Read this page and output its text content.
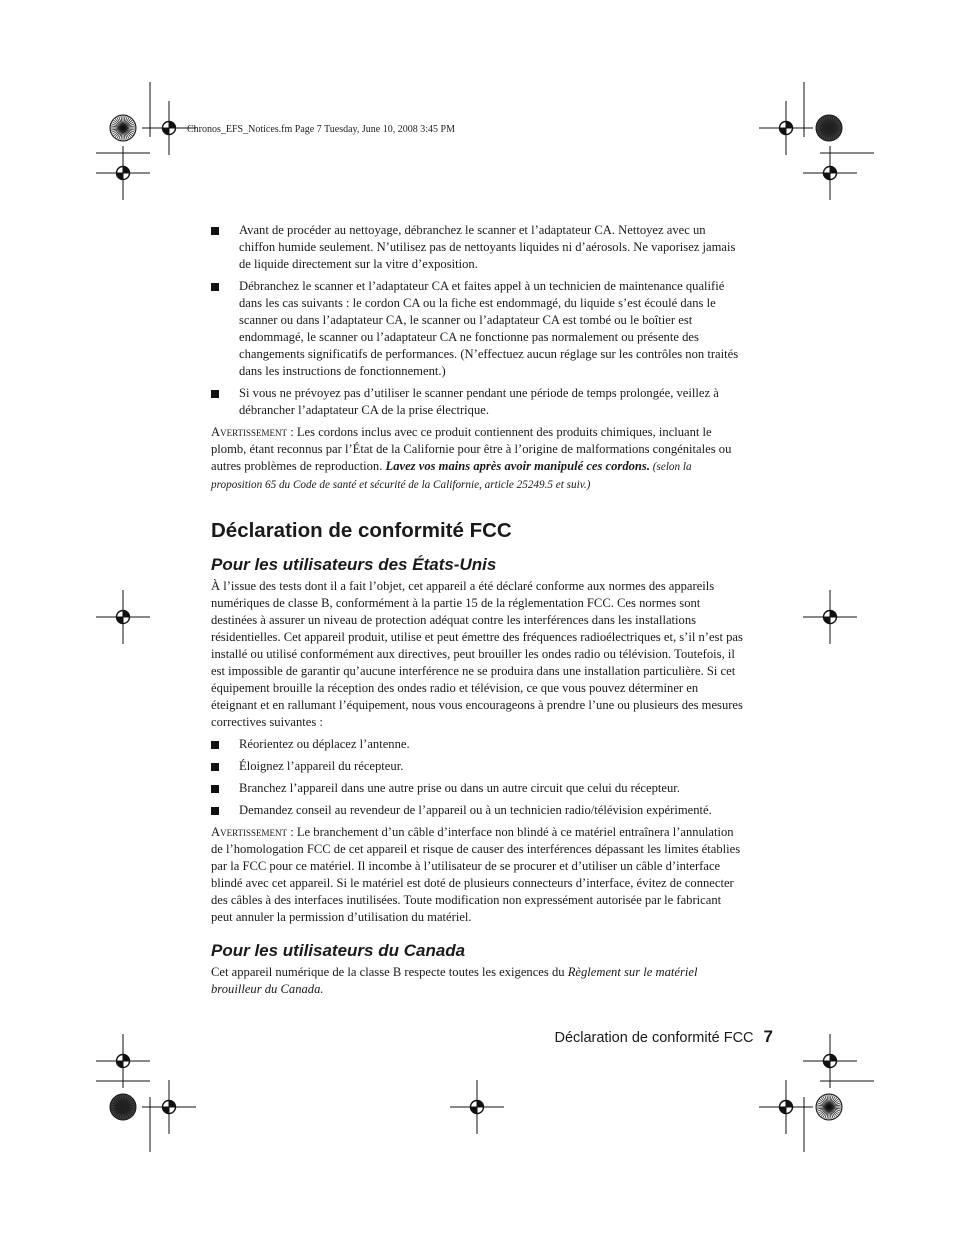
Chronos_EFS_Notices.fm Page 7 Tuesday, June 10, 2008 3:45 PM
Avant de procéder au nettoyage, débranchez le scanner et l’adaptateur CA. Nettoyez avec un chiffon humide seulement. N’utilisez pas de nettoyants liquides ni d’aérosols. Ne vaporisez jamais de liquide directement sur la vitre d’exposition.
Débranchez le scanner et l’adaptateur CA et faites appel à un technicien de maintenance qualifié dans les cas suivants : le cordon CA ou la fiche est endommagé, du liquide s’est écoulé dans le scanner ou dans l’adaptateur CA, le scanner ou l’adaptateur CA est tombé ou le boîtier est endommagé, le scanner ou l’adaptateur CA ne fonctionne pas normalement ou présente des changements significatifs de performances. (N’effectuez aucun réglage sur les contrôles non traités dans les instructions de fonctionnement.)
Si vous ne prévoyez pas d’utiliser le scanner pendant une période de temps prolongée, veillez à débrancher l’adaptateur CA de la prise électrique.

Avertissement : Les cordons inclus avec ce produit contiennent des produits chimiques, incluant le plomb, étant reconnus par l’État de la Californie pour être à l’origine de malformations congénitales ou autres problèmes de reproduction. Lavez vos mains après avoir manipulé ces cordons. (selon la proposition 65 du Code de santé et sécurité de la Californie, article 25249.5 et suiv.)

Déclaration de conformité FCC
Pour les utilisateurs des États-Unis

À l’issue des tests dont il a fait l’objet, cet appareil a été déclaré conforme aux normes des appareils numériques de classe B, conformément à la partie 15 de la réglementation FCC. Ces normes sont destinées à assurer un niveau de protection adéquat contre les interférences dans les installations résidentielles. Cet appareil produit, utilise et peut émettre des fréquences radioélectriques et, s’il n’est pas installé ou utilisé conformément aux directives, peut brouiller les ondes radio ou télévision. Toutefois, il est impossible de garantir qu’aucune interférence ne se produira dans une installation particulière. Si cet équipement brouille la réception des ondes radio et télévision, ce que vous pouvez déterminer en éteignant et en rallumant l’équipement, nous vous encourageons à prendre l’une ou plusieurs des mesures correctives suivantes :

Réorientez ou déplacez l’antenne.
Éloignez l’appareil du récepteur.
Branchez l’appareil dans une autre prise ou dans un autre circuit que celui du récepteur.
Demandez conseil au revendeur de l’appareil ou à un technicien radio/télévision expérimenté.

Avertissement : Le branchement d’un câble d’interface non blindé à ce matériel entraînera l’annulation de l’homologation FCC de cet appareil et risque de causer des interférences dépassant les limites établies par la FCC pour ce matériel. Il incombe à l’utilisateur de se procurer et d’utiliser un câble d’interface blindé avec cet appareil. Si le matériel est doté de plusieurs connecteurs d’interface, évitez de connecter des câbles à des interfaces inutilisées. Toute modification non expressément autorisée par le fabricant peut annuler la permission d’utilisation du matériel.

Pour les utilisateurs du Canada

Cet appareil numérique de la classe B respecte toutes les exigences du Règlement sur le matériel brouilleur du Canada.

Déclaration de conformité FCC 7
